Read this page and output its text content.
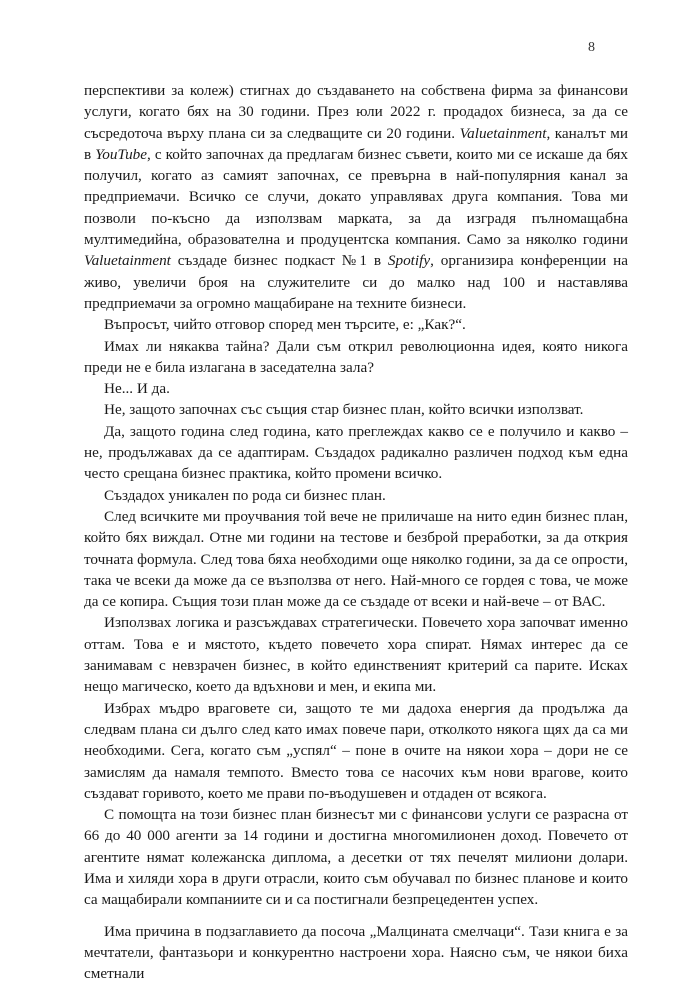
8

перспективи за колеж) стигнах до създаването на собствена фирма за финансови услуги, когато бях на 30 години. През юли 2022 г. продадох бизнеса, за да се съсредоточа върху плана си за следващите си 20 години. Valuetainment, каналът ми в YouTube, с който започнах да предлагам бизнес съвети, които ми се искаше да бях получил, когато аз самият започнах, се превърна в най-популярния канал за предприемачи. Всичко се случи, докато управлявах друга компания. Това ми позволи по-късно да използвам марката, за да изградя пълномащабна мултимедийна, образователна и продуцентска компания. Само за няколко години Valuetainment създаде бизнес подкаст №1 в Spotify, организира конференции на живо, увеличи броя на служителите си до малко над 100 и наставлява предприемачи за огромно мащабиране на техните бизнеси.

Въпросът, чийто отговор според мен търсите, е: „Как?“.

Имах ли някаква тайна? Дали съм открил революционна идея, която никога преди не е била излагана в заседателна зала?

Не... И да.

Не, защото започнах със същия стар бизнес план, който всички използват.

Да, защото година след година, като преглеждах какво се е получило и какво – не, продължавах да се адаптирам. Създадох радикално различен подход към една често срещана бизнес практика, който промени всичко.

Създадох уникален по рода си бизнес план.

След всичките ми проучвания той вече не приличаше на нито един бизнес план, който бях виждал. Отне ми години на тестове и безброй преработки, за да открия точната формула. След това бяха необходими още няколко години, за да се опрости, така че всеки да може да се възползва от него. Най-много се гордея с това, че може да се копира. Същия този план може да се създаде от всеки и най-вече – от ВАС.

Използвах логика и разсъждавах стратегически. Повечето хора започват именно оттам. Това е и мястото, където повечето хора спират. Нямах интерес да се занимавам с невзрачен бизнес, в който единственият критерий са парите. Исках нещо магическо, което да вдъхнови и мен, и екипа ми.

Избрах мъдро враговете си, защото те ми дадоха енергия да продължа да следвам плана си дълго след като имах повече пари, отколкото някога щях да са ми необходими. Сега, когато съм „успял“ – поне в очите на някои хора – дори не се замислям да намаля темпото. Вместо това се насочих към нови врагове, които създават горивото, което ме прави по-въодушевен и отдаден от всякога.

С помощта на този бизнес план бизнесът ми с финансови услуги се разрасна от 66 до 40 000 агенти за 14 години и достигна многомилионен доход. Повечето от агентите нямат колежанска диплома, а десетки от тях печелят милиони долари. Има и хиляди хора в други отрасли, които съм обучавал по бизнес планове и които са мащабирали компаниите си и са постигнали безпрецедентен успех.

Има причина в подзаглавието да посоча „Малцината смелчаци“. Тази книга е за мечтатели, фантазьори и конкурентно настроени хора. Наясно съм, че някои биха сметнали
